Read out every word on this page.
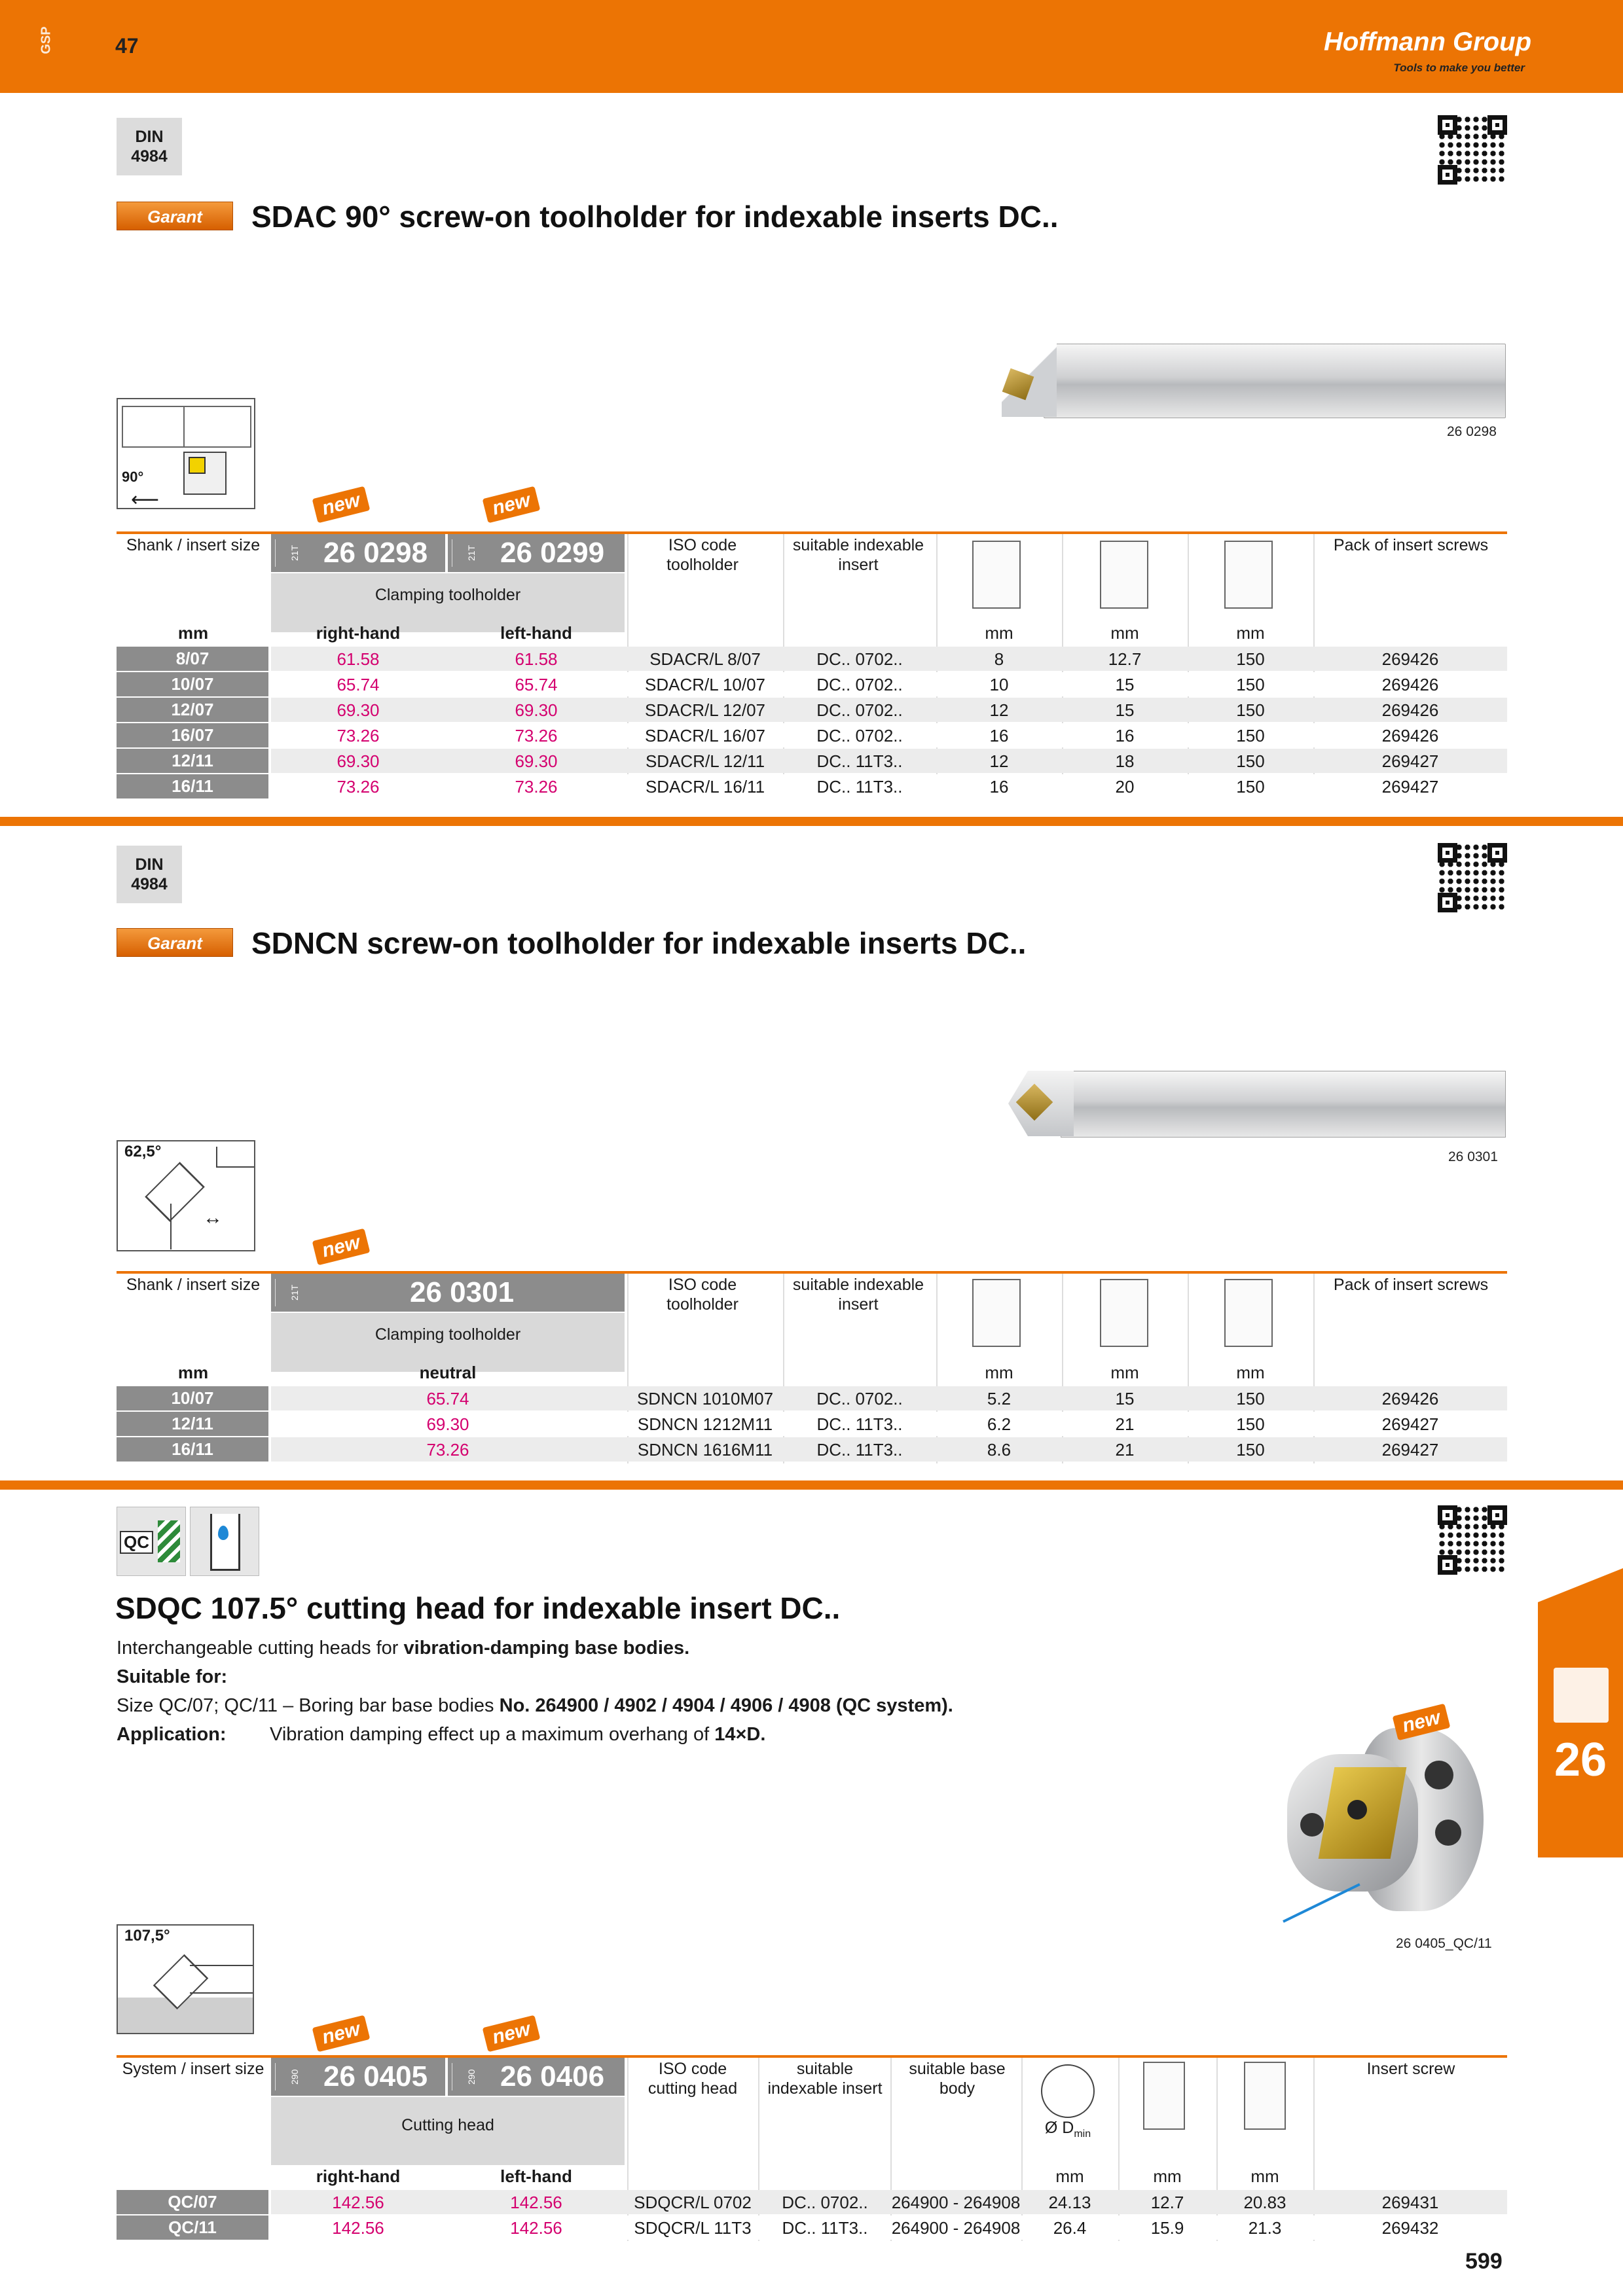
GSP	47	Hoffmann Group
Tools to make you better
DIN
4984
Garant	SDAC 90° screw-on toolholder for indexable inserts DC..
26 0298
90°
⟵	new	new
Shank / insert size	21T 26 0298	21T 26 0299
Clamping toolholder
ISO code
toolholder
suitable indexable
insert
Pack of insert screws
mm	right-hand	left-hand	mm	mm	mm
8/07	61.58	61.58	SDACR/L 8/07	DC.. 0702..	8	12.7	150	269426
10/07	65.74	65.74	SDACR/L 10/07	DC.. 0702..	10	15	150	269426
12/07	69.30	69.30	SDACR/L 12/07	DC.. 0702..	12	15	150	269426
16/07	73.26	73.26	SDACR/L 16/07	DC.. 0702..	16	16	150	269426
12/11	69.30	69.30	SDACR/L 12/11	DC.. 11T3..	12	18	150	269427
16/11	73.26	73.26	SDACR/L 16/11	DC.. 11T3..	16	20	150	269427
DIN
4984
Garant	SDNCN screw-on toolholder for indexable inserts DC..
26 0301
62,5°
↔
new
Shank / insert size	21T	26 0301
Clamping toolholder
ISO code
toolholder
suitable indexable
insert
Pack of insert screws
mm	neutral	mm	mm	mm
10/07	65.74	SDNCN 1010M07	DC.. 0702..	5.2	15	150	269426
12/11	69.30	SDNCN 1212M11	DC.. 11T3..	6.2	21	150	269427
16/11	73.26	SDNCN 1616M11	DC.. 11T3..	8.6	21	150	269427
QC
SDQC 107.5° cutting head for indexable insert DC..
Interchangeable cutting heads for vibration-damping base bodies.
Suitable for:
Size QC/07; QC/11 – Boring bar base bodies No. 264900 / 4902 / 4904 / 4906 / 4908 (QC system).
Application: Vibration damping effect up a maximum overhang of 14×D.	new
26 0405_QC/11
107,5°
new	new
System / insert size	290 26 0405	290 26 0406
Cutting head
ISO code
cutting head
suitable
indexable insert
suitable base
body
Insert screw
Ø $D_{min}$
right-hand	left-hand	mm	mm	mm
QC/07	142.56	142.56	SDQCR/L 0702	DC.. 0702..	264900 - 264908	24.13	12.7	20.83	269431
QC/11	142.56	142.56	SDQCR/L 11T3	DC.. 11T3..	264900 - 264908	26.4	15.9	21.3	269432
26
599
